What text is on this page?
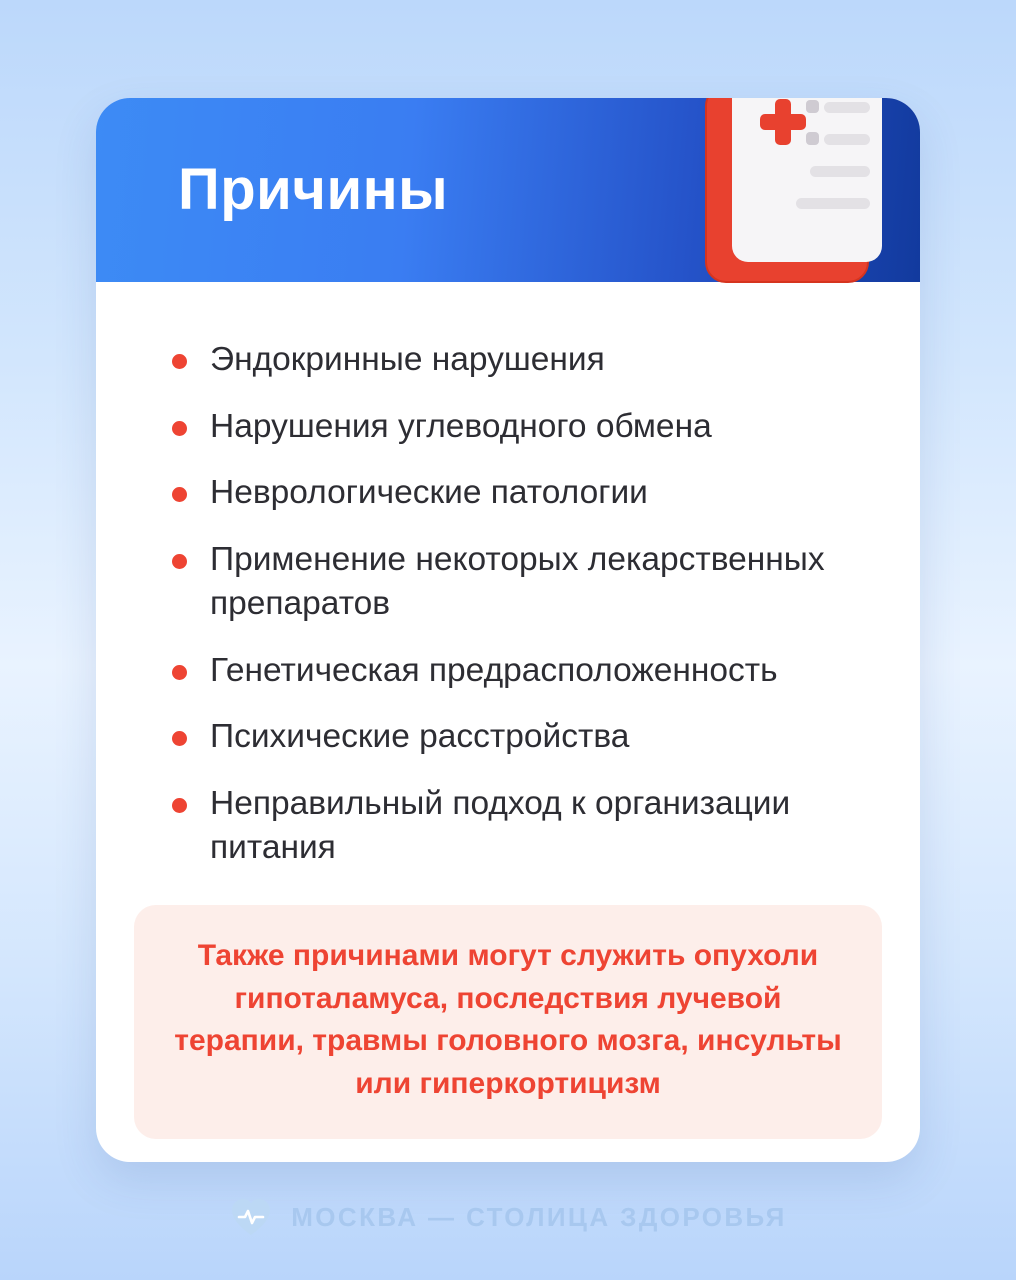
Причины
Эндокринные нарушения
Нарушения углеводного обмена
Неврологические патологии
Применение некоторых лекарственных препаратов
Генетическая предрасположенность
Психические расстройства
Неправильный подход к организации питания
Также причинами могут служить опухоли гипоталамуса, последствия лучевой терапии, травмы головного мозга, инсульты или гиперкортицизм
МОСКВА — СТОЛИЦА ЗДОРОВЬЯ
